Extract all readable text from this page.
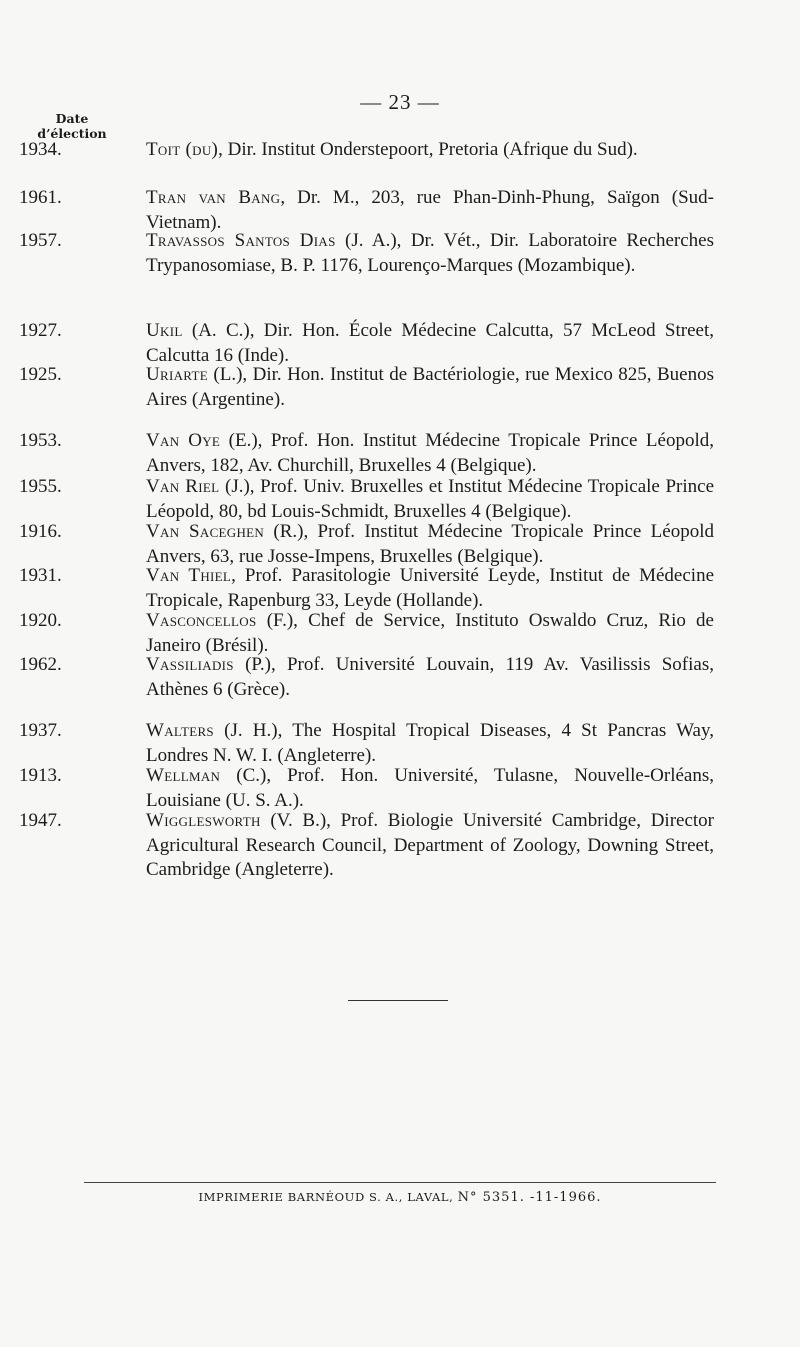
— 23 —
Date
d’élection
1934.	Toit (du), Dir. Institut Onderstepoort, Pretoria (Afrique du Sud).
1961.	Tran van Bang, Dr. M., 203, rue Phan-Dinh-Phung, Saïgon (Sud-Vietnam).
1957.	Travassos Santos Dias (J. A.), Dr. Vét., Dir. Laboratoire Recherches Trypanosomiase, B. P. 1176, Lourenço-Marques (Mozambique).
1927.	Ukil (A. C.), Dir. Hon. École Médecine Calcutta, 57 McLeod Street, Calcutta 16 (Inde).
1925.	Uriarte (L.), Dir. Hon. Institut de Bactériologie, rue Mexico 825, Buenos Aires (Argentine).
1953.	Van Oye (E.), Prof. Hon. Institut Médecine Tropicale Prince Léopold, Anvers, 182, Av. Churchill, Bruxelles 4 (Belgique).
1955.	Van Riel (J.), Prof. Univ. Bruxelles et Institut Médecine Tropicale Prince Léopold, 80, bd Louis-Schmidt, Bruxelles 4 (Belgique).
1916.	Van Saceghen (R.), Prof. Institut Médecine Tropicale Prince Léopold Anvers, 63, rue Josse-Impens, Bruxelles (Belgique).
1931.	Van Thiel, Prof. Parasitologie Université Leyde, Institut de Médecine Tropicale, Rapenburg 33, Leyde (Hollande).
1920.	Vasconcellos (F.), Chef de Service, Instituto Oswaldo Cruz, Rio de Janeiro (Brésil).
1962.	Vassiliadis (P.), Prof. Université Louvain, 119 Av. Vasilissis Sofias, Athènes 6 (Grèce).
1937.	Walters (J. H.), The Hospital Tropical Diseases, 4 St Pancras Way, Londres N. W. I. (Angleterre).
1913.	Wellman (C.), Prof. Hon. Université, Tulasne, Nouvelle-Orléans, Louisiane (U. S. A.).
1947.	Wigglesworth (V. B.), Prof. Biologie Université Cambridge, Director Agricultural Research Council, Department of Zoology, Downing Street, Cambridge (Angleterre).
IMPRIMERIE BARNÉOUD S. A., LAVAL, N° 5351. -11-1966.
